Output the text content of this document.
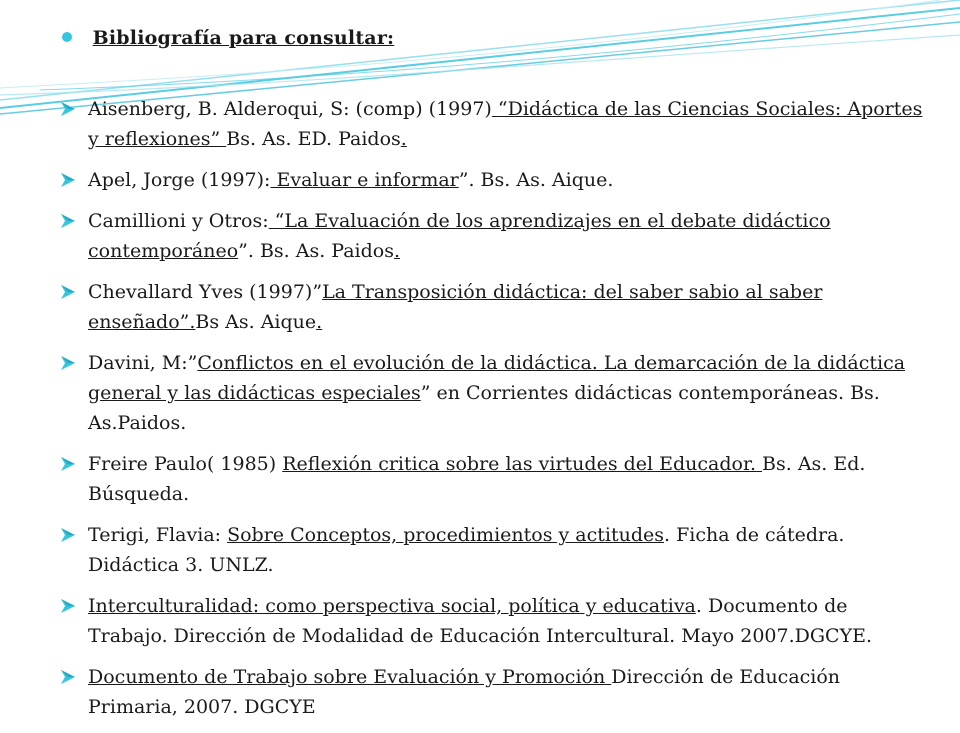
Bibliografía para consultar:
Aisenberg, B. Alderoqui, S: (comp) (1997) “Didáctica de las Ciencias Sociales: Aportes y reflexiones” Bs. As. ED. Paidos.
Apel, Jorge (1997): Evaluar e informar”. Bs. As. Aique.
Camillioni y Otros: “La Evaluación de los aprendizajes en el debate didáctico contemporáneo”. Bs. As. Paidos.
Chevallard Yves (1997)”La Transposición didáctica: del saber sabio al saber enseñado”.Bs As. Aique.
Davini, M:”Conflictos en el evolución de la didáctica. La demarcación de la didáctica general y las didácticas especiales” en Corrientes didácticas contemporáneas. Bs. As.Paidos.
Freire Paulo( 1985) Reflexión critica sobre las virtudes del Educador. Bs. As. Ed. Búsqueda.
Terigi, Flavia: Sobre Conceptos, procedimientos y actitudes. Ficha de cátedra. Didáctica 3. UNLZ.
Interculturalidad: como perspectiva social, política y educativa. Documento de Trabajo. Dirección de Modalidad de Educación Intercultural. Mayo 2007.DGCYE.
Documento de Trabajo sobre Evaluación y Promoción Dirección de Educación Primaria, 2007. DGCYE
